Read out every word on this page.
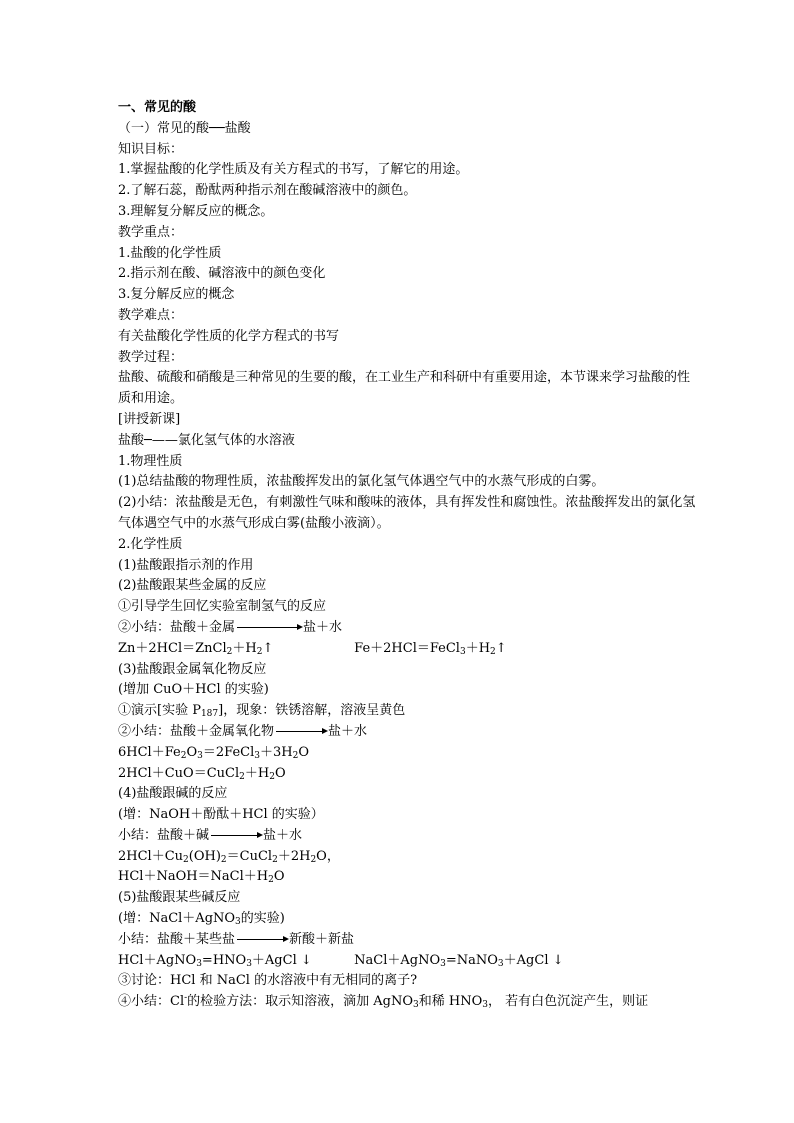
一、常见的酸
（一）常见的酸──盐酸
知识目标：
1.掌握盐酸的化学性质及有关方程式的书写，了解它的用途。
2.了解石蕊，酚酞两种指示剂在酸碱溶液中的颜色。
3.理解复分解反应的概念。
教学重点：
1.盐酸的化学性质
2.指示剂在酸、碱溶液中的颜色变化
3.复分解反应的概念
教学难点：
有关盐酸化学性质的化学方程式的书写
教学过程：
盐酸、硫酸和硝酸是三种常见的生要的酸，在工业生产和科研中有重要用途，本节课来学习盐酸的性质和用途。
[讲授新课]
盐酸─——氯化氢气体的水溶液
1.物理性质
(1)总结盐酸的物理性质，浓盐酸挥发出的氯化氢气体遇空气中的水蒸气形成的白雾。
(2)小结：浓盐酸是无色，有刺激性气味和酸味的液体，具有挥发性和腐蚀性。浓盐酸挥发出的氯化氢气体遇空气中的水蒸气形成白雾(盐酸小液滴）。
2.化学性质
(1)盐酸跟指示剂的作用
(2)盐酸跟某些金属的反应
①引导学生回忆实验室制氢气的反应
②小结：盐酸＋金属	盐＋水
$Zn+2HCl=ZnCl_2+H_2↑$	$Fe+2HCl=FeCl_3+H_2↑$
(3)盐酸跟金属氧化物反应
(增加 CuO＋HCl 的实验)
①演示[实验 $P_{187}$]，现象：铁锈溶解，溶液呈黄色
②小结：盐酸＋金属氧化物	盐＋水
$6HCl+Fe_2O_3=2FeCl_3+3H_2O$
$2HCl+CuO=CuCl_2+H_2O$
(4)盐酸跟碱的反应
(增：NaOH＋酚酞＋HCl 的实验）
小结：盐酸＋碱	盐＋水
$2HCl+Cu_2(OH)_2=CuCl_2+2H_2O$，
$HCl+NaOH=NaCl+H_2O$
(5)盐酸跟某些碱反应
(增：NaCl＋AgNO$_3$的实验)
小结：盐酸＋某些盐	新酸＋新盐
$HCl+AgNO_3=HNO_3+AgCl$ ↓	NaCl＋AgNO$_3$=NaNO$_3$＋AgCl ↓
③讨论：HCl 和 NaCl 的水溶液中有无相同的离子?
④小结：Cl-的检验方法：取示知溶液，滴加 AgNO$_3$和稀 $HNO_3$， 若有白色沉淀产生，则证
